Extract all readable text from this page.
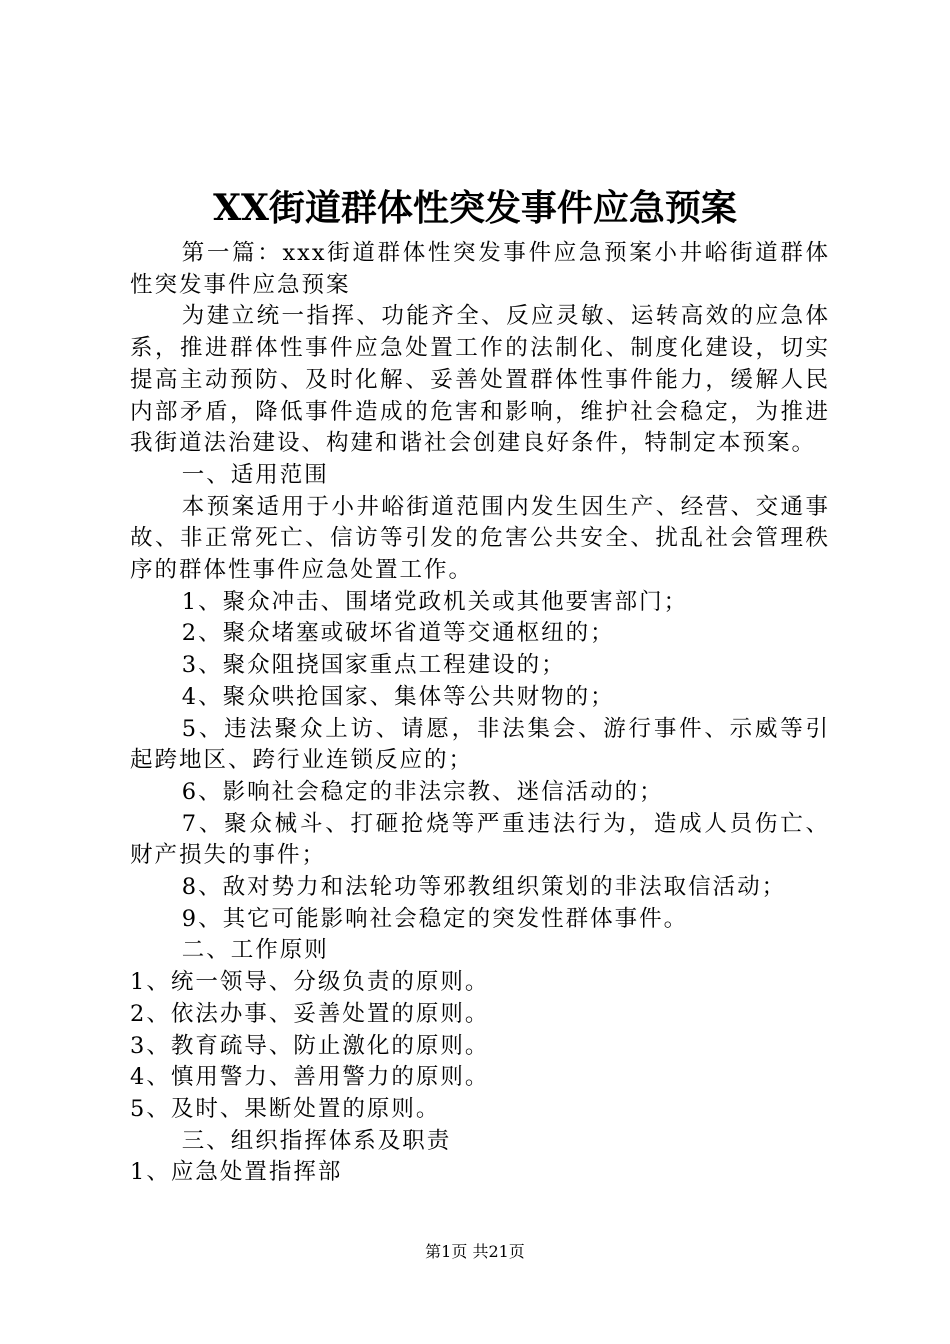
XX街道群体性突发事件应急预案

第一篇：xxx街道群体性突发事件应急预案小井峪街道群体性突发事件应急预案

为建立统一指挥、功能齐全、反应灵敏、运转高效的应急体系，推进群体性事件应急处置工作的法制化、制度化建设，切实提高主动预防、及时化解、妥善处置群体性事件能力，缓解人民内部矛盾，降低事件造成的危害和影响，维护社会稳定，为推进我街道法治建设、构建和谐社会创建良好条件，特制定本预案。

一、适用范围

本预案适用于小井峪街道范围内发生因生产、经营、交通事故、非正常死亡、信访等引发的危害公共安全、扰乱社会管理秩序的群体性事件应急处置工作。

1、聚众冲击、围堵党政机关或其他要害部门；

2、聚众堵塞或破坏省道等交通枢纽的；

3、聚众阻挠国家重点工程建设的；

4、聚众哄抢国家、集体等公共财物的；

5、违法聚众上访、请愿，非法集会、游行事件、示威等引起跨地区、跨行业连锁反应的；

6、影响社会稳定的非法宗教、迷信活动的；

7、聚众械斗、打砸抢烧等严重违法行为，造成人员伤亡、财产损失的事件；

8、敌对势力和法轮功等邪教组织策划的非法取信活动；

9、其它可能影响社会稳定的突发性群体事件。

二、工作原则

1、统一领导、分级负责的原则。

2、依法办事、妥善处置的原则。

3、教育疏导、防止激化的原则。

4、慎用警力、善用警力的原则。

5、及时、果断处置的原则。

三、组织指挥体系及职责

1、应急处置指挥部

第1页 共21页
